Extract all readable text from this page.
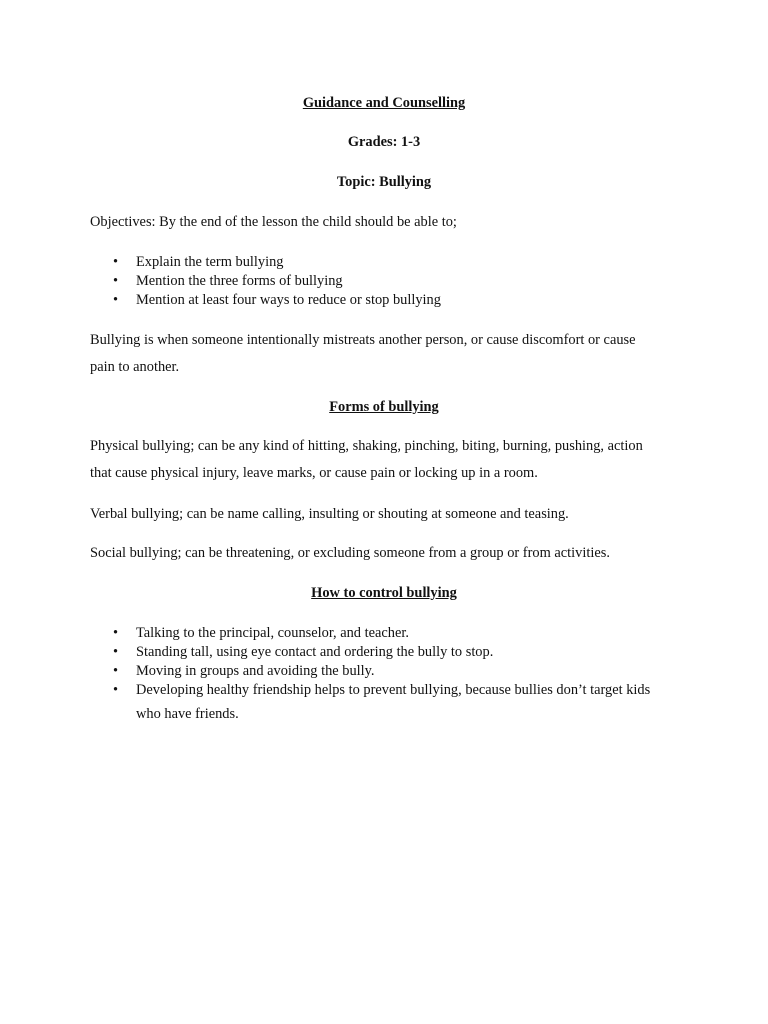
Guidance and Counselling
Grades: 1-3
Topic: Bullying
Objectives: By the end of the lesson the child should be able to;
•	Explain the term bullying
•	Mention the three forms of bullying
•	Mention at least four ways to reduce or stop bullying
Bullying is when someone intentionally mistreats another person, or cause discomfort or cause
pain to another.
Forms of bullying
Physical bullying; can be any kind of hitting, shaking, pinching, biting, burning, pushing, action
that cause physical injury, leave marks, or cause pain or locking up in a room.
Verbal bullying; can be name calling, insulting or shouting at someone and teasing.
Social bullying; can be threatening, or excluding someone from a group or from activities.
How to control bullying
•	Talking to the principal, counselor, and teacher.
•	Standing tall, using eye contact and ordering the bully to stop.
•	Moving in groups and avoiding the bully.
•	Developing healthy friendship helps to prevent bullying, because bullies don’t target kids
who have friends.
